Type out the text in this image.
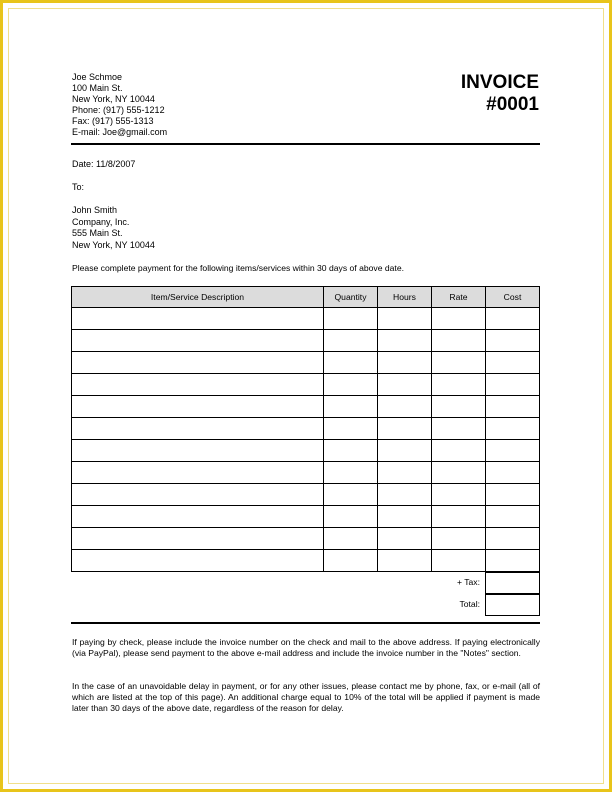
Joe Schmoe
100 Main St.
New York, NY 10044
Phone: (917) 555-1212
Fax: (917) 555-1313
E-mail: Joe@gmail.com
INVOICE
#0001
Date: 11/8/2007
To:
John Smith
Company, Inc.
555 Main St.
New York, NY 10044
Please complete payment for the following items/services within 30 days of above date.
Item/Service Description	Quantity	Hours	Rate	Cost

+ Tax:
Total:
If paying by check, please include the invoice number on the check and mail to the above address. If paying electronically (via PayPal), please send payment to the above e-mail address and include the invoice number in the "Notes" section.
In the case of an unavoidable delay in payment, or for any other issues, please contact me by phone, fax, or e-mail (all of which are listed at the top of this page). An additional charge equal to 10% of the total will be applied if payment is made later than 30 days of the above date, regardless of the reason for delay.
